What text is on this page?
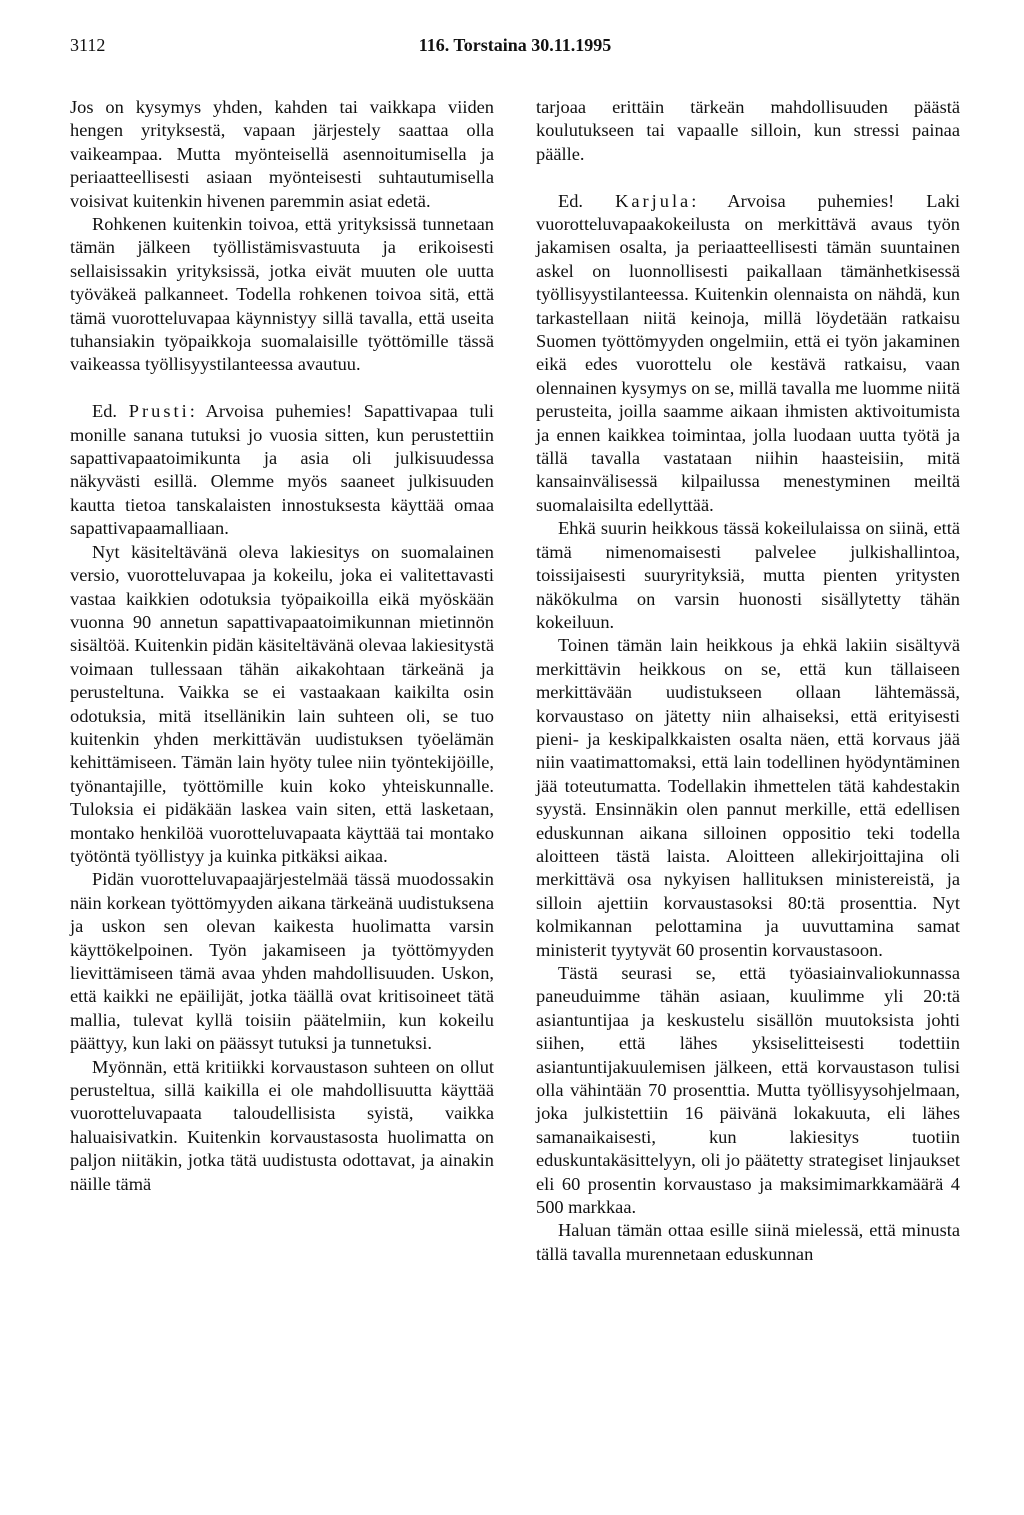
3112	116. Torstaina 30.11.1995

Jos on kysymys yhden, kahden tai vaikkapa viiden hengen yrityksestä, vapaan järjestely saattaa olla vaikeampaa. Mutta myönteisellä asennoitumisella ja periaatteellisesti asiaan myönteisesti suhtautumisella voisivat kuitenkin hivenen paremmin asiat edetä.

Rohkenen kuitenkin toivoa, että yrityksissä tunnetaan tämän jälkeen työllistämisvastuuta ja erikoisesti sellaisissakin yrityksissä, jotka eivät muuten ole uutta työväkeä palkanneet. Todella rohkenen toivoa sitä, että tämä vuorotteluvapaa käynnistyy sillä tavalla, että useita tuhansiakin työpaikkoja suomalaisille työttömille tässä vaikeassa työllisyystilanteessa avautuu.

Ed. Prusti: Arvoisa puhemies! Sapattivapaa tuli monille sanana tutuksi jo vuosia sitten, kun perustettiin sapattivapaatoimikunta ja asia oli julkisuudessa näkyvästi esillä. Olemme myös saaneet julkisuuden kautta tietoa tanskalaisten innostuksesta käyttää omaa sapattivapaamalliaan.

Nyt käsiteltävänä oleva lakiesitys on suomalainen versio, vuorotteluvapaa ja kokeilu, joka ei valitettavasti vastaa kaikkien odotuksia työpaikoilla eikä myöskään vuonna 90 annetun sapattivapaatoimikunnan mietinnön sisältöä. Kuitenkin pidän käsiteltävänä olevaa lakiesitystä voimaan tullessaan tähän aikakohtaan tärkeänä ja perusteltuna. Vaikka se ei vastaakaan kaikilta osin odotuksia, mitä itsellänikin lain suhteen oli, se tuo kuitenkin yhden merkittävän uudistuksen työelämän kehittämiseen. Tämän lain hyöty tulee niin työntekijöille, työnantajille, työttömille kuin koko yhteiskunnalle. Tuloksia ei pidäkään laskea vain siten, että lasketaan, montako henkilöä vuorotteluvapaata käyttää tai montako työtöntä työllistyy ja kuinka pitkäksi aikaa.

Pidän vuorotteluvapaajärjestelmää tässä muodossakin näin korkean työttömyyden aikana tärkeänä uudistuksena ja uskon sen olevan kaikesta huolimatta varsin käyttökelpoinen. Työn jakamiseen ja työttömyyden lievittämiseen tämä avaa yhden mahdollisuuden. Uskon, että kaikki ne epäilijät, jotka täällä ovat kritisoineet tätä mallia, tulevat kyllä toisiin päätelmiin, kun kokeilu päättyy, kun laki on päässyt tutuksi ja tunnetuksi.

Myönnän, että kritiikki korvaustason suhteen on ollut perusteltua, sillä kaikilla ei ole mahdollisuutta käyttää vuorotteluvapaata taloudellisista syistä, vaikka haluaisivatkin. Kuitenkin korvaustasosta huolimatta on paljon niitäkin, jotka tätä uudistusta odottavat, ja ainakin näille tämä

tarjoaa erittäin tärkeän mahdollisuuden päästä koulutukseen tai vapaalle silloin, kun stressi painaa päälle.

Ed. Karjula: Arvoisa puhemies! Laki vuorotteluvapaakokeilusta on merkittävä avaus työn jakamisen osalta, ja periaatteellisesti tämän suuntainen askel on luonnollisesti paikallaan tämänhetkisessä työllisyystilanteessa. Kuitenkin olennaista on nähdä, kun tarkastellaan niitä keinoja, millä löydetään ratkaisu Suomen työttömyyden ongelmiin, että ei työn jakaminen eikä edes vuorottelu ole kestävä ratkaisu, vaan olennainen kysymys on se, millä tavalla me luomme niitä perusteita, joilla saamme aikaan ihmisten aktivoitumista ja ennen kaikkea toimintaa, jolla luodaan uutta työtä ja tällä tavalla vastataan niihin haasteisiin, mitä kansainvälisessä kilpailussa menestyminen meiltä suomalaisilta edellyttää.

Ehkä suurin heikkous tässä kokeilulaissa on siinä, että tämä nimenomaisesti palvelee julkishallintoa, toissijaisesti suuryrityksiä, mutta pienten yritysten näkökulma on varsin huonosti sisällytetty tähän kokeiluun.

Toinen tämän lain heikkous ja ehkä lakiin sisältyvä merkittävin heikkous on se, että kun tällaiseen merkittävään uudistukseen ollaan lähtemässä, korvaustaso on jätetty niin alhaiseksi, että erityisesti pieni- ja keskipalkkaisten osalta näen, että korvaus jää niin vaatimattomaksi, että lain todellinen hyödyntäminen jää toteutumatta. Todellakin ihmettelen tätä kahdestakin syystä. Ensinnäkin olen pannut merkille, että edellisen eduskunnan aikana silloinen oppositio teki todella aloitteen tästä laista. Aloitteen allekirjoittajina oli merkittävä osa nykyisen hallituksen ministereistä, ja silloin ajettiin korvaustasoksi 80:tä prosenttia. Nyt kolmikannan pelottamina ja uuvuttamina samat ministerit tyytyvät 60 prosentin korvaustasoon.

Tästä seurasi se, että työasiainvaliokunnassa paneuduimme tähän asiaan, kuulimme yli 20:tä asiantuntijaa ja keskustelu sisällön muutoksista johti siihen, että lähes yksiselitteisesti todettiin asiantuntijakuulemisen jälkeen, että korvaustason tulisi olla vähintään 70 prosenttia. Mutta työllisyysohjelmaan, joka julkistettiin 16 päivänä lokakuuta, eli lähes samanaikaisesti, kun lakiesitys tuotiin eduskuntakäsittelyyn, oli jo päätetty strategiset linjaukset eli 60 prosentin korvaustaso ja maksimimarkkamäärä 4 500 markkaa.

Haluan tämän ottaa esille siinä mielessä, että minusta tällä tavalla murennetaan eduskunnan
